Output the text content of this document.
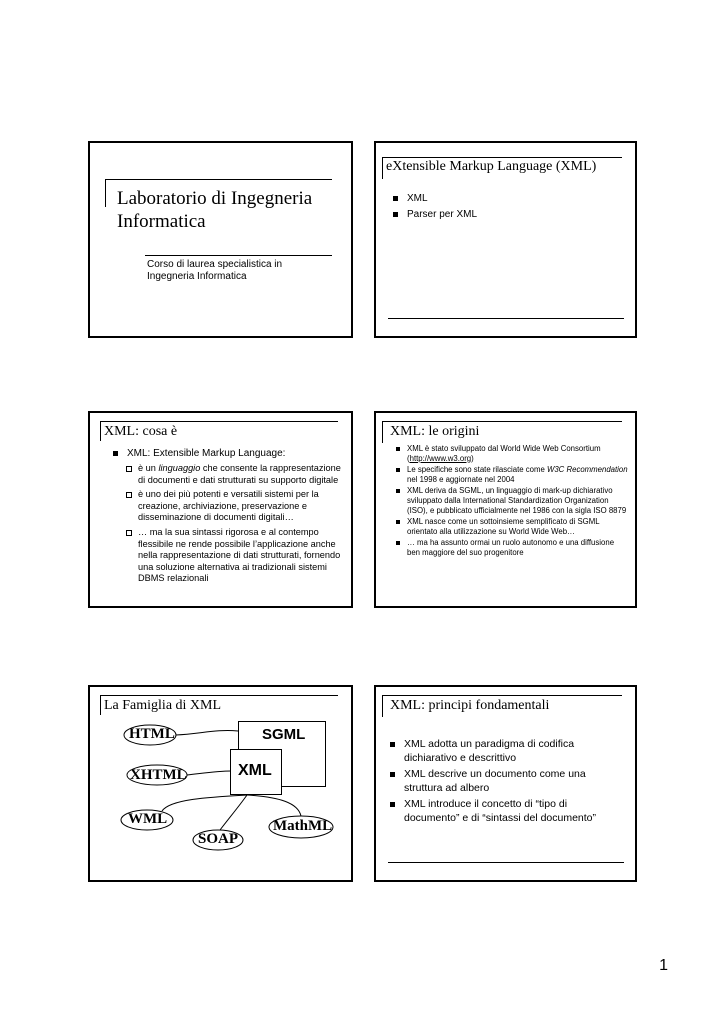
Laboratorio di Ingegneria
Informatica
Corso di laurea specialistica in
Ingegneria Informatica
eXtensible Markup Language (XML)
XML
Parser per XML
XML: cosa è
XML: Extensible Markup Language:
è un linguaggio che consente la rappresentazione di documenti e dati strutturati su supporto digitale
è uno dei più potenti e versatili sistemi per la creazione, archiviazione, preservazione e disseminazione di documenti digitali…
… ma la sua sintassi rigorosa e al contempo flessibile ne rende possibile l’applicazione anche nella rappresentazione di dati strutturati, fornendo una soluzione alternativa ai tradizionali sistemi DBMS relazionali
XML: le origini
XML è stato sviluppato dal World Wide Web Consortium (http://www.w3.org)
Le specifiche sono state rilasciate come W3C Recommendation nel 1998 e aggiornate nel 2004
XML deriva da SGML, un linguaggio di mark-up dichiarativo sviluppato dalla International Standardization Organization (ISO), e pubblicato ufficialmente nel 1986 con la sigla ISO 8879
XML nasce come un sottoinsieme semplificato di SGML orientato alla utilizzazione su World Wide Web…
… ma ha assunto ormai un ruolo autonomo e una diffusione ben maggiore del suo progenitore
La Famiglia di XML
HTML	SGML
XHTML	XML
WML	MathML
SOAP
XML: principi fondamentali
XML adotta un paradigma di codifica dichiarativo e descrittivo
XML descrive un documento come una struttura ad albero
XML introduce il concetto di “tipo di documento” e di “sintassi del documento”
1
